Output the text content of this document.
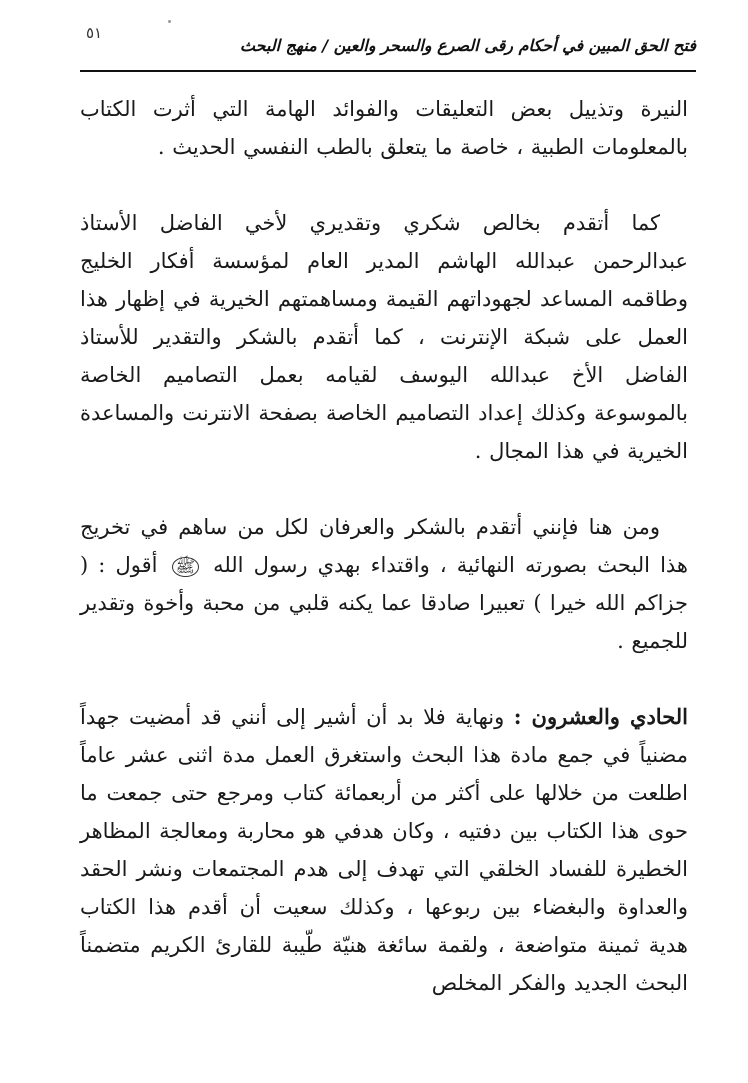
٥١
فتح الحق المبين في أحكام رقى الصرع والسحر والعين / منهج البحث

النيرة وتذييل بعض التعليقات والفوائد الهامة التي أثرت الكتاب بالمعلومات الطبية ، خاصة ما يتعلق بالطب النفسي الحديث .

كما أتقدم بخالص شكري وتقديري لأخي الفاضل الأستاذ عبدالرحمن عبدالله الهاشم المدير العام لمؤسسة أفكار الخليج وطاقمه المساعد لجهوداتهم القيمة ومساهمتهم الخيرية في إظهار هذا العمل على شبكة الإنترنت ، كما أتقدم بالشكر والتقدير للأستاذ الفاضل الأخ عبدالله اليوسف لقيامه بعمل التصاميم الخاصة بالموسوعة وكذلك إعداد التصاميم الخاصة بصفحة الانترنت والمساعدة الخيرية في هذا المجال .

ومن هنا فإنني أتقدم بالشكر والعرفان لكل من ساهم في تخريج هذا البحث بصورته النهائية ، واقتداء بهدي رسول الله ﷺ أقول : ( جزاكم الله خيرا ) تعبيرا صادقا عما يكنه قلبي من محبة وأخوة وتقدير للجميع .

الحادي والعشرون : ونهاية فلا بد أن أشير إلى أنني قد أمضيت جهداً مضنياً في جمع مادة هذا البحث واستغرق العمل مدة اثنى عشر عاماً اطلعت من خلالها على أكثر من أربعمائة كتاب ومرجع حتى جمعت ما حوى هذا الكتاب بين دفتيه ، وكان هدفي هو محاربة ومعالجة المظاهر الخطيرة للفساد الخلقي التي تهدف إلى هدم المجتمعات ونشر الحقد والعداوة والبغضاء بين ربوعها ، وكذلك سعيت أن أقدم هذا الكتاب هدية ثمينة متواضعة ، ولقمة سائغة هنيّة طّيبة للقارئ الكريم متضمناً البحث الجديد والفكر المخلص
